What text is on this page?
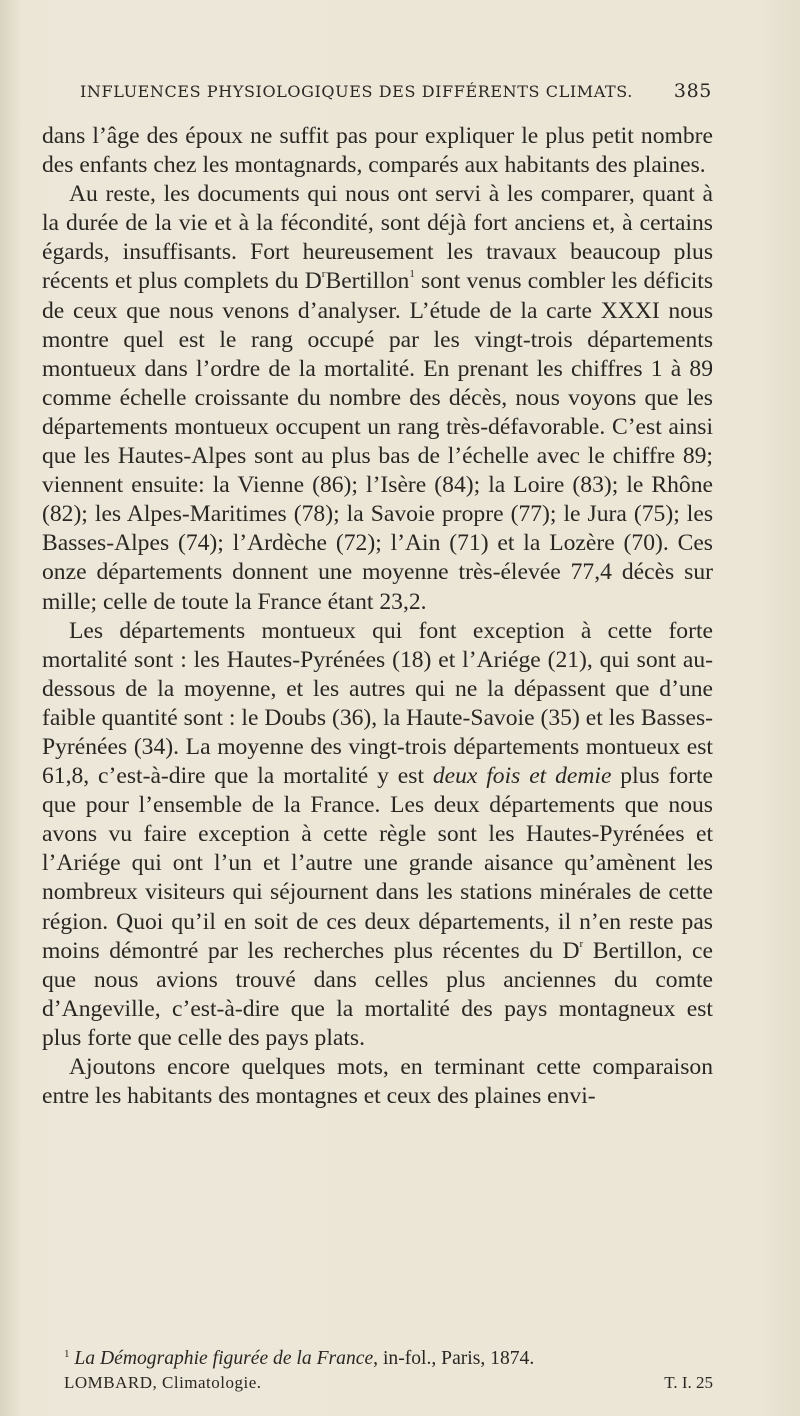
INFLUENCES PHYSIOLOGIQUES DES DIFFÉRENTS CLIMATS. 385

dans l’âge des époux ne suffit pas pour expliquer le plus petit nombre des enfants chez les montagnards, comparés aux habitants des plaines.

Au reste, les documents qui nous ont servi à les comparer, quant à la durée de la vie et à la fécondité, sont déjà fort anciens et, à certains égards, insuffisants. Fort heureusement les travaux beaucoup plus récents et plus complets du $D^rBertillon^1$ sont venus combler les déficits de ceux que nous venons d’analyser. L’étude de la carte XXXI nous montre quel est le rang occupé par les vingt-trois départements montueux dans l’ordre de la mortalité. En prenant les chiffres 1 à 89 comme échelle croissante du nombre des décès, nous voyons que les départements montueux occupent un rang très-défavorable. C’est ainsi que les Hautes-Alpes sont au plus bas de l’échelle avec le chiffre 89; viennent ensuite: la Vienne (86); l’Isère (84); la Loire (83); le Rhône (82); les Alpes-Maritimes (78); la Savoie propre (77); le Jura (75); les Basses-Alpes (74); l’Ardèche (72); l’Ain (71) et la Lozère (70). Ces onze départements donnent une moyenne très-élevée 77,4 décès sur mille; celle de toute la France étant 23,2.

Les départements montueux qui font exception à cette forte mortalité sont : les Hautes-Pyrénées (18) et l’Ariége (21), qui sont au-dessous de la moyenne, et les autres qui ne la dépassent que d’une faible quantité sont : le Doubs (36), la Haute-Savoie (35) et les Basses-Pyrénées (34). La moyenne des vingt-trois départements montueux est 61,8, c’est-à-dire que la mortalité y est deux fois et demie plus forte que pour l’ensemble de la France. Les deux départements que nous avons vu faire exception à cette règle sont les Hautes-Pyrénées et l’Ariége qui ont l’un et l’autre une grande aisance qu’amènent les nombreux visiteurs qui séjournent dans les stations minérales de cette région. Quoi qu’il en soit de ces deux départements, il n’en reste pas moins démontré par les recherches plus récentes du $D^r$ Bertillon, ce que nous avions trouvé dans celles plus anciennes du comte d’Angeville, c’est-à-dire que la mortalité des pays montagneux est plus forte que celle des pays plats.

Ajoutons encore quelques mots, en terminant cette comparaison entre les habitants des montagnes et ceux des plaines envi-

$^1$ La Démographie figurée de la France, in-fol., Paris, 1874.

LOMBARD, Climatologie.	T. I. 25
